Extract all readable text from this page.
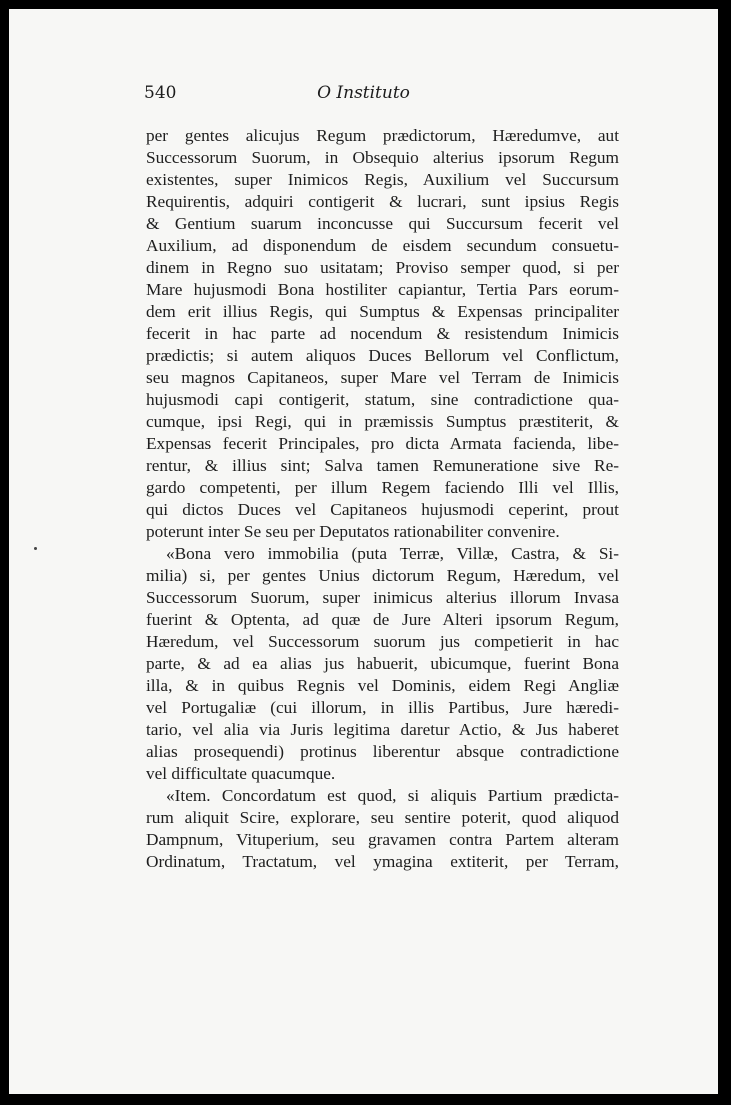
540	O Instituto
per gentes alicujus Regum prædictorum, Hæredumve, aut
Successorum Suorum, in Obsequio alterius ipsorum Regum
existentes, super Inimicos Regis, Auxilium vel Succursum
Requirentis, adquiri contigerit & lucrari, sunt ipsius Regis
& Gentium suarum inconcusse qui Succursum fecerit vel
Auxilium, ad disponendum de eisdem secundum consuetu-
dinem in Regno suo usitatam; Proviso semper quod, si per
Mare hujusmodi Bona hostiliter capiantur, Tertia Pars eorum-
dem erit illius Regis, qui Sumptus & Expensas principaliter
fecerit in hac parte ad nocendum & resistendum Inimicis
prædictis; si autem aliquos Duces Bellorum vel Conflictum,
seu magnos Capitaneos, super Mare vel Terram de Inimicis
hujusmodi capi contigerit, statum, sine contradictione qua-
cumque, ipsi Regi, qui in præmissis Sumptus præstiterit, &
Expensas fecerit Principales, pro dicta Armata facienda, libe-
rentur, & illius sint; Salva tamen Remuneratione sive Re-
gardo competenti, per illum Regem faciendo Illi vel Illis,
qui dictos Duces vel Capitaneos hujusmodi ceperint, prout
poterunt inter Se seu per Deputatos rationabiliter convenire.
«Bona vero immobilia (puta Terræ, Villæ, Castra, & Si-
milia) si, per gentes Unius dictorum Regum, Hæredum, vel
Successorum Suorum, super inimicus alterius illorum Invasa
fuerint & Optenta, ad quæ de Jure Alteri ipsorum Regum,
Hæredum, vel Successorum suorum jus competierit in hac
parte, & ad ea alias jus habuerit, ubicumque, fuerint Bona
illa, & in quibus Regnis vel Dominis, eidem Regi Angliæ
vel Portugaliæ (cui illorum, in illis Partibus, Jure hæredi-
tario, vel alia via Juris legitima daretur Actio, & Jus haberet
alias prosequendi) protinus liberentur absque contradictione
vel difficultate quacumque.
«Item. Concordatum est quod, si aliquis Partium prædicta-
rum aliquit Scire, explorare, seu sentire poterit, quod aliquod
Dampnum, Vituperium, seu gravamen contra Partem alteram
Ordinatum, Tractatum, vel ymagina extiterit, per Terram,
